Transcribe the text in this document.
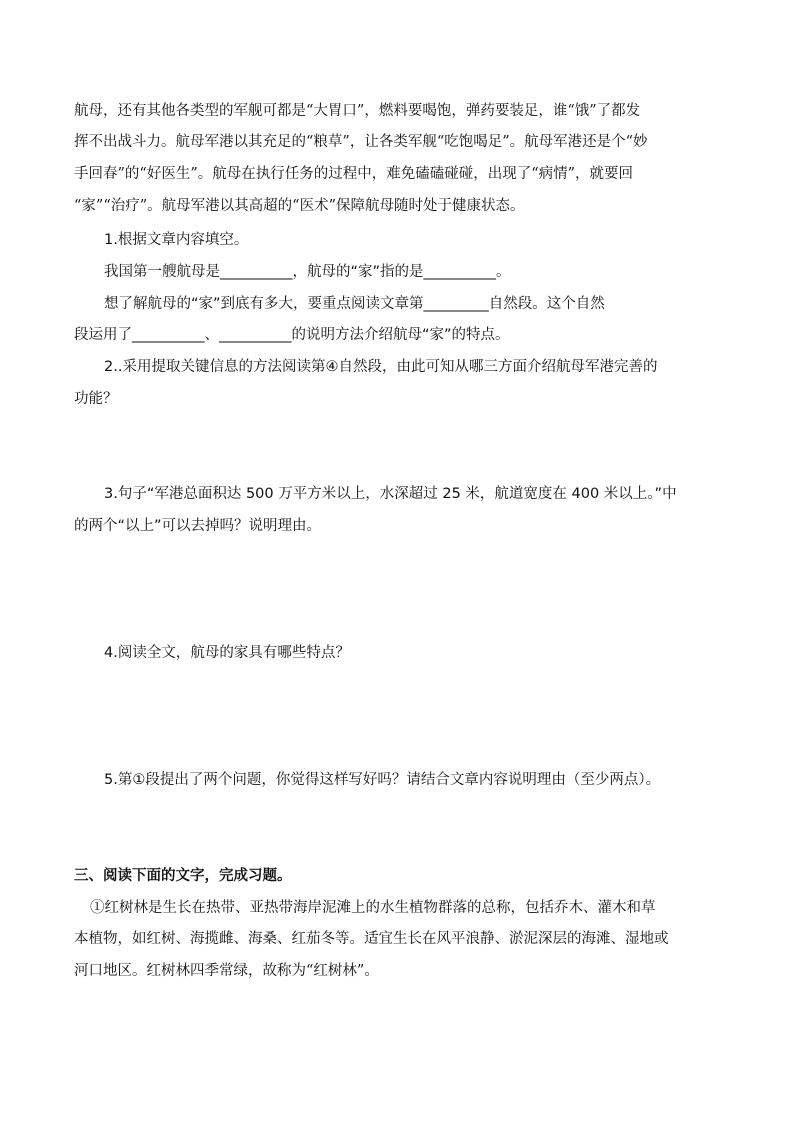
航母，还有其他各类型的军舰可都是“大胃口”，燃料要喝饱，弹药要装足，谁“饿”了都发
挥不出战斗力。航母军港以其充足的“粮草”，让各类军舰“吃饱喝足”。航母军港还是个“妙
手回春”的“好医生”。航母在执行任务的过程中，难免磕磕碰碰，出现了“病情”，就要回
“家”“治疗”。航母军港以其高超的“医术”保障航母随时处于健康状态。
1.根据文章内容填空。
我国第一艘航母是__________，航母的“家”指的是__________。
想了解航母的“家”到底有多大，要重点阅读文章第_________自然段。这个自然
段运用了__________、__________的说明方法介绍航母“家”的特点。
2..采用提取关键信息的方法阅读第④自然段，由此可知从哪三方面介绍航母军港完善的
功能？
3.句子“军港总面积达 500 万平方米以上，水深超过 25 米，航道宽度在 400 米以上。”中
的两个“以上”可以去掉吗？说明理由。
4.阅读全文，航母的家具有哪些特点？
5.第①段提出了两个问题，你觉得这样写好吗？请结合文章内容说明理由（至少两点）。
三、阅读下面的文字，完成习题。
①红树林是生长在热带、亚热带海岸泥滩上的水生植物群落的总称，包括乔木、灌木和草
本植物，如红树、海揽雌、海桑、红茄冬等。适宜生长在风平浪静、淤泥深层的海滩、湿地或
河口地区。红树林四季常绿，故称为“红树林”。
